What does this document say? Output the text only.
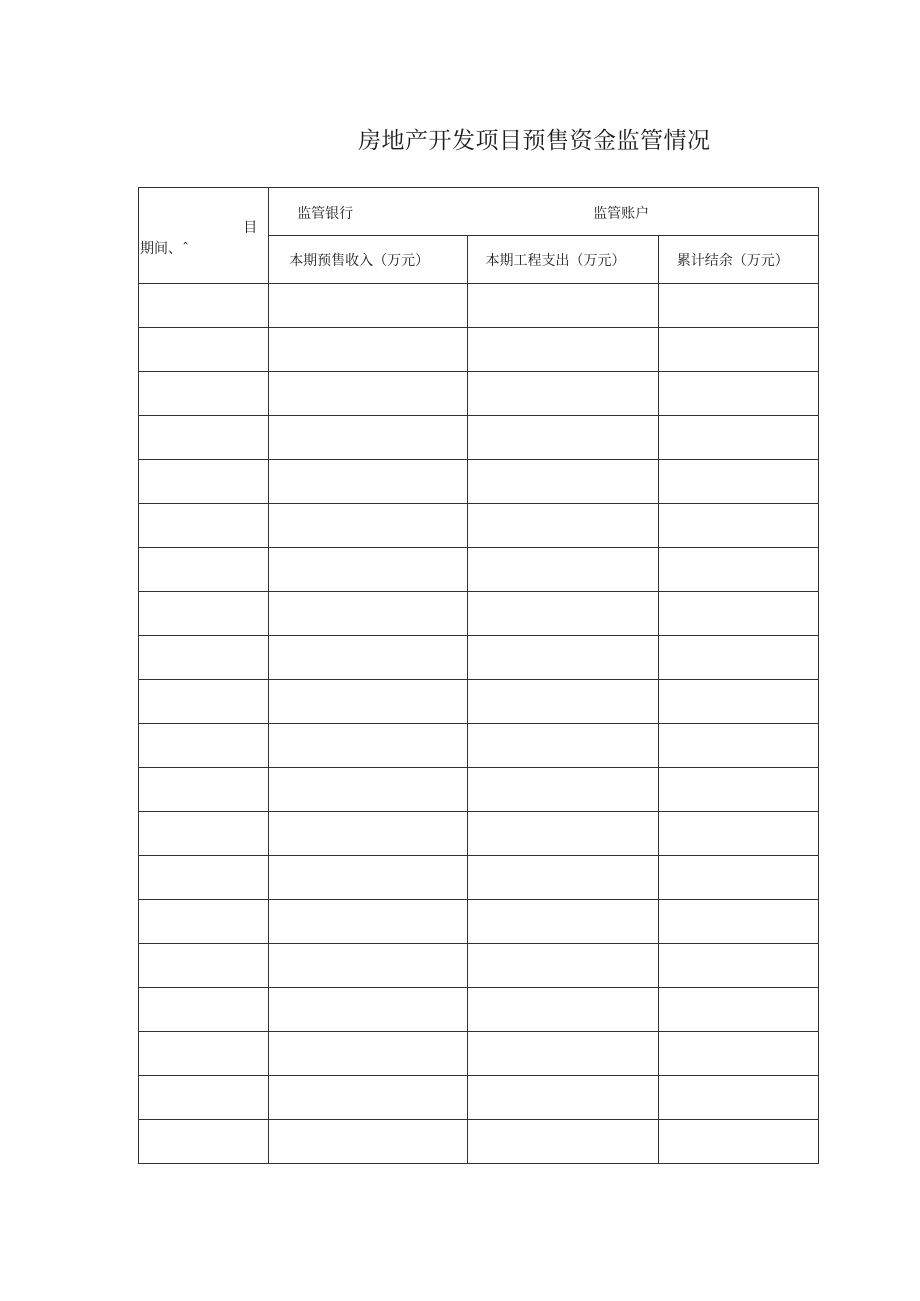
房地产开发项目预售资金监管情况
目
期间、ˆ	监管银行 监管账户		

	本期预售收入（万元）	本期工程支出（万元）	累计结余（万元）
